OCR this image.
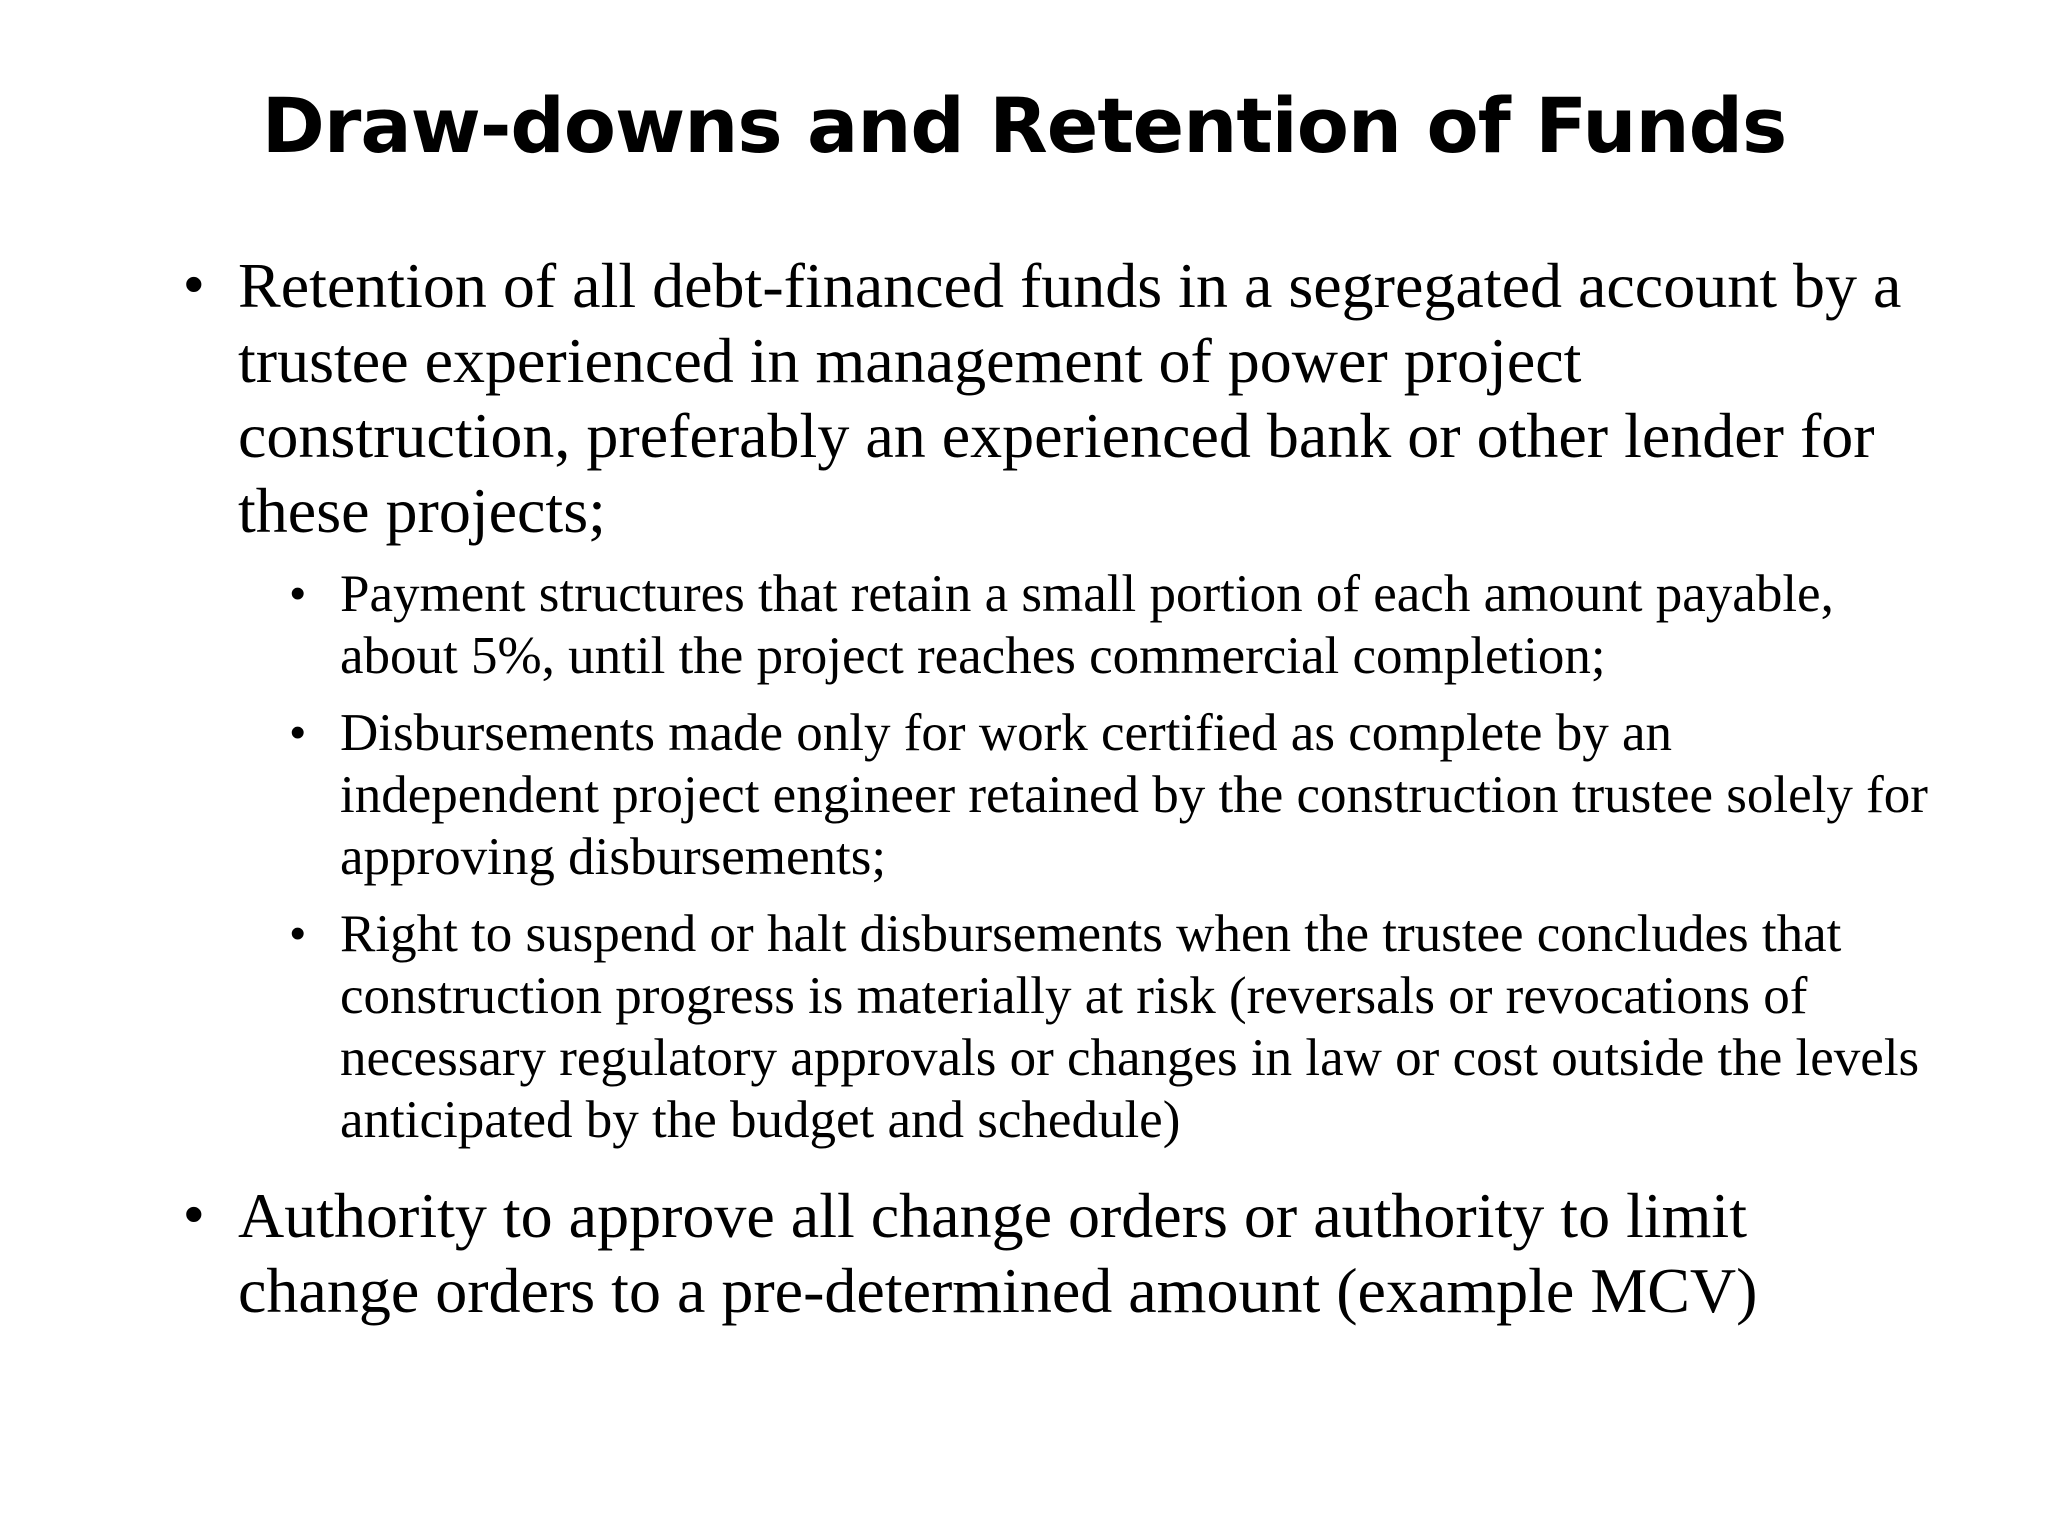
Draw-downs and Retention of Funds
• Retention of all debt-financed funds in a segregated account by a trustee experienced in management of power project construction, preferably an experienced bank or other lender for these projects;

• Payment structures that retain a small portion of each amount payable, about 5%, until the project reaches commercial completion;

• Disbursements made only for work certified as complete by an independent project engineer retained by the construction trustee solely for approving disbursements;

• Right to suspend or halt disbursements when the trustee concludes that construction progress is materially at risk (reversals or revocations of necessary regulatory approvals or changes in law or cost outside the levels anticipated by the budget and schedule)

• Authority to approve all change orders or authority to limit change orders to a pre-determined amount (example MCV)
